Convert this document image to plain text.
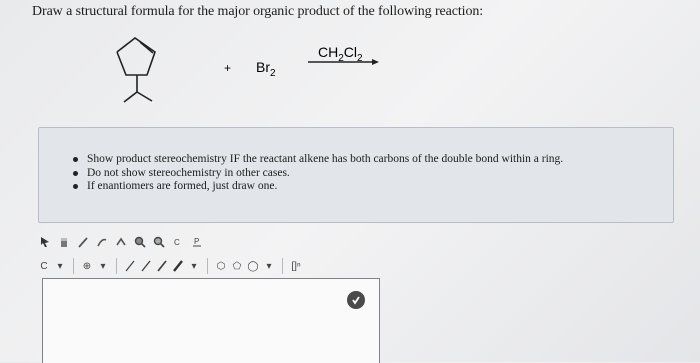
Draw a structural formula for the major organic product of the following reaction:
+ $Br_2$
$CH_2Cl_2$
Show product stereochemistry IF the reactant alkene has both carbons of the double bond within a ring.
Do not show stereochemistry in other cases.
If enantiomers are formed, just draw one.
C P
C ▾	⊕ ▾	▾	⬡ ⬠ ◯ ▾	[]ⁿ
